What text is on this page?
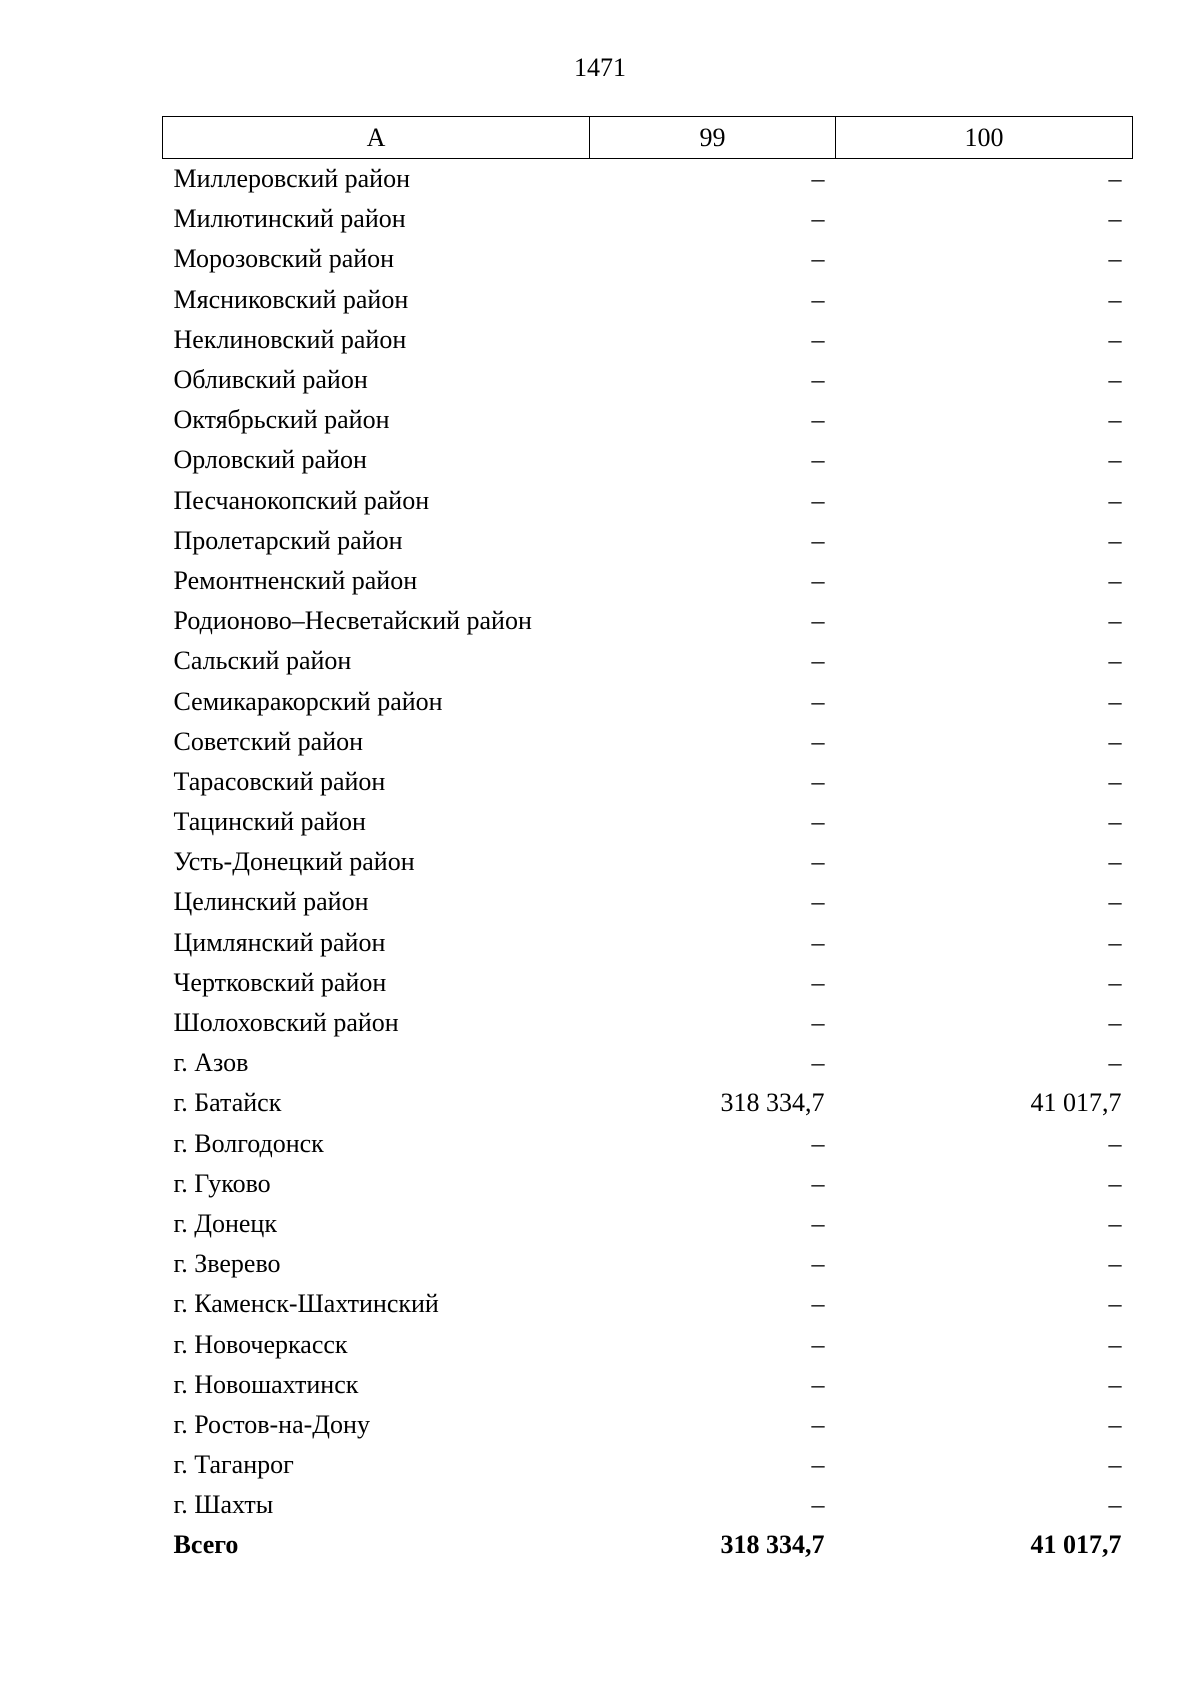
1471
А	99	100
Миллеровский район	–	–
Милютинский район	–	–
Морозовский район	–	–
Мясниковский район	–	–
Неклиновский район	–	–
Обливский район	–	–
Октябрьский район	–	–
Орловский район	–	–
Песчанокопский район	–	–
Пролетарский район	–	–
Ремонтненский район	–	–
Родионово–Несветайский район	–	–
Сальский район	–	–
Семикаракорский район	–	–
Советский район	–	–
Тарасовский район	–	–
Тацинский район	–	–
Усть-Донецкий район	–	–
Целинский район	–	–
Цимлянский район	–	–
Чертковский район	–	–
Шолоховский район	–	–
г. Азов	–	–
г. Батайск	318 334,7	41 017,7
г. Волгодонск	–	–
г. Гуково	–	–
г. Донецк	–	–
г. Зверево	–	–
г. Каменск-Шахтинский	–	–
г. Новочеркасск	–	–
г. Новошахтинск	–	–
г. Ростов-на-Дону	–	–
г. Таганрог	–	–
г. Шахты	–	–
Всего	318 334,7	41 017,7
